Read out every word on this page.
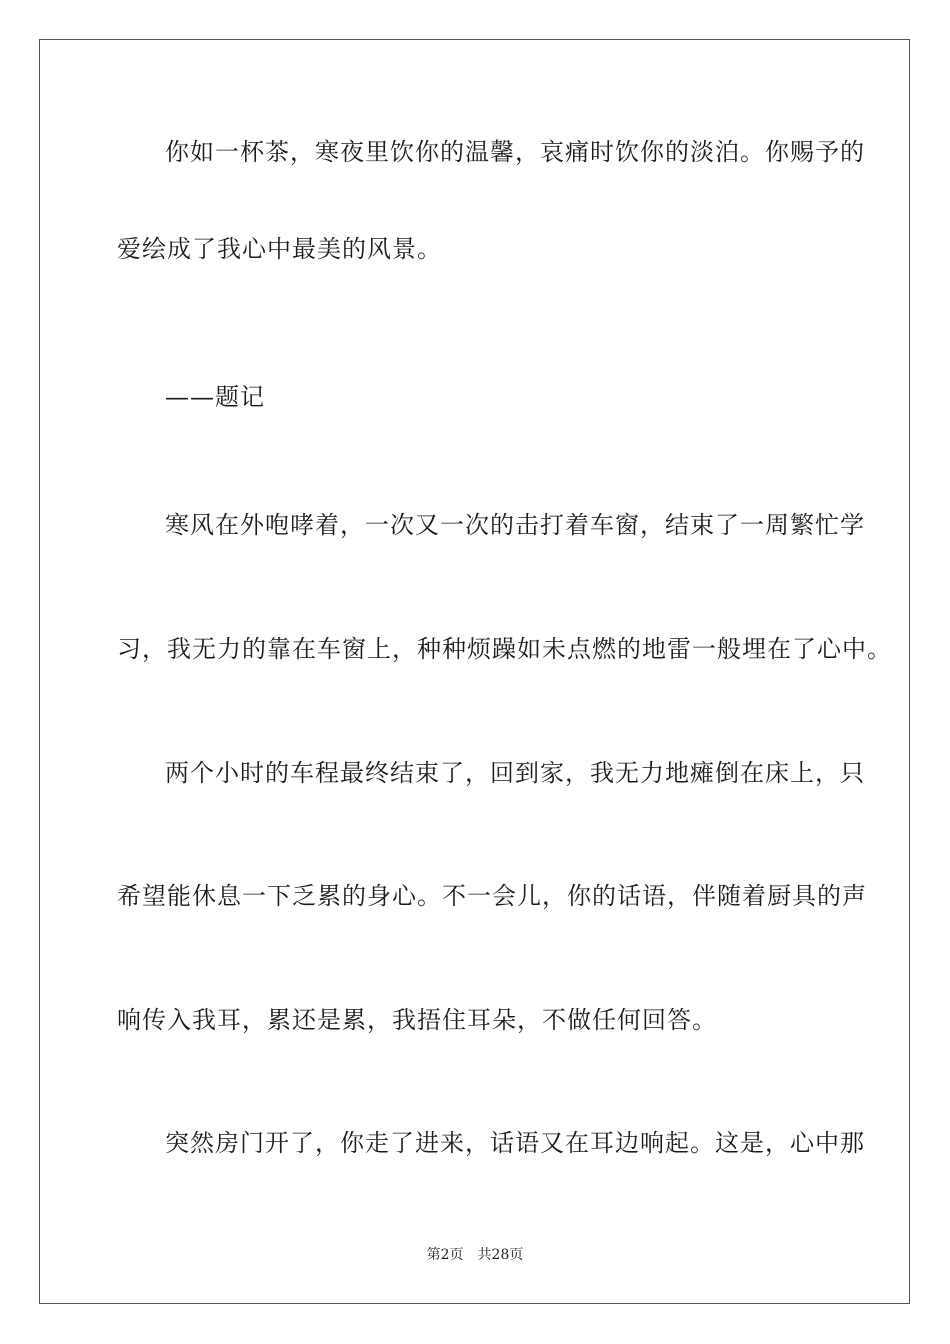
你如一杯茶，寒夜里饮你的温馨，哀痛时饮你的淡泊。你赐予的
爱绘成了我心中最美的风景。
——题记
寒风在外咆哮着，一次又一次的击打着车窗，结束了一周繁忙学
习，我无力的靠在车窗上，种种烦躁如未点燃的地雷一般埋在了心中。
两个小时的车程最终结束了，回到家，我无力地瘫倒在床上，只
希望能休息一下乏累的身心。不一会儿，你的话语，伴随着厨具的声
响传入我耳，累还是累，我捂住耳朵，不做任何回答。
突然房门开了，你走了进来，话语又在耳边响起。这是，心中那
第2页 共28页
